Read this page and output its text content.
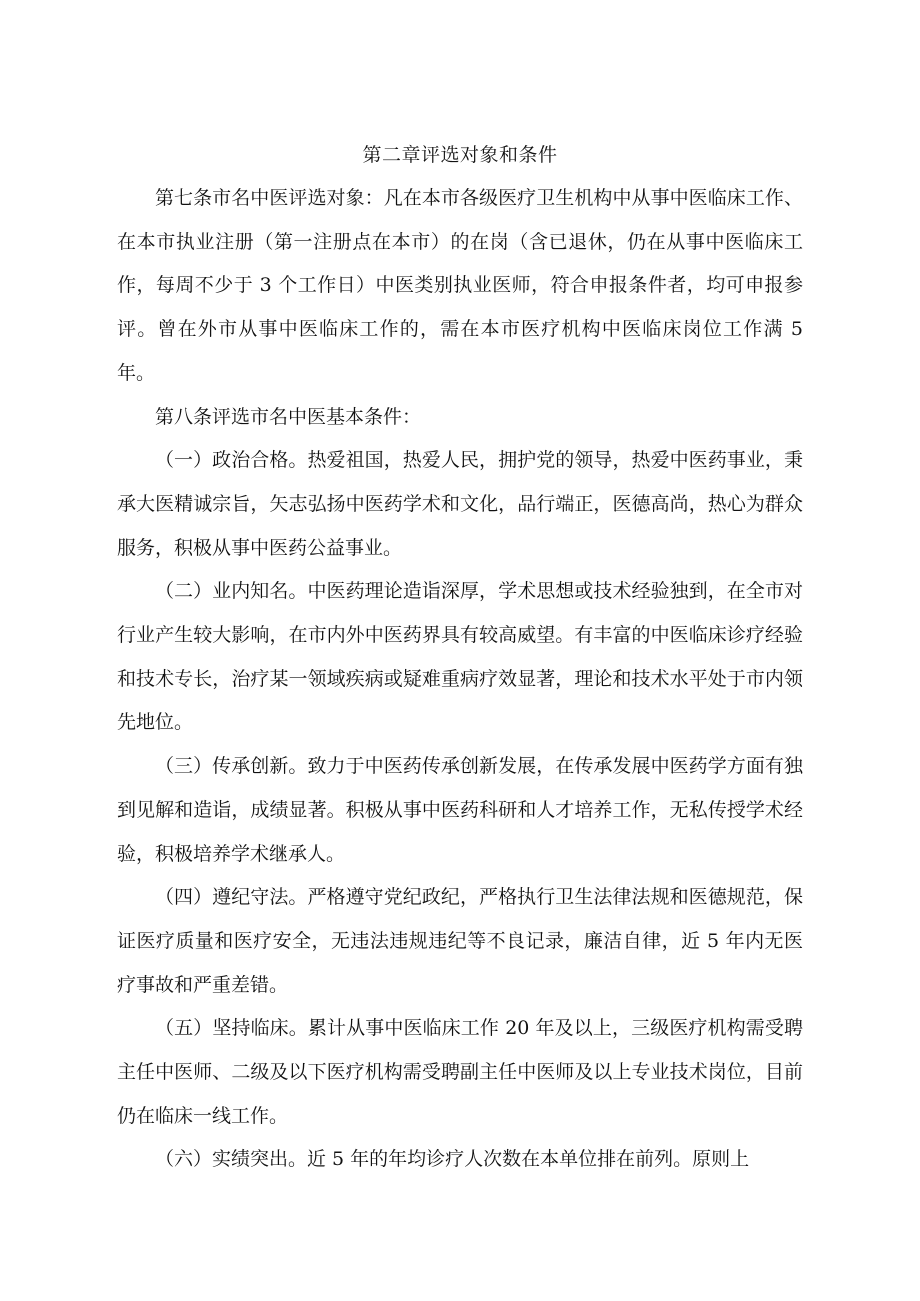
第二章评选对象和条件

第七条市名中医评选对象：凡在本市各级医疗卫生机构中从事中医临床工作、在本市执业注册（第一注册点在本市）的在岗（含已退休，仍在从事中医临床工作，每周不少于 3 个工作日）中医类别执业医师，符合申报条件者，均可申报参评。曾在外市从事中医临床工作的，需在本市医疗机构中医临床岗位工作满 5 年。

第八条评选市名中医基本条件：

（一）政治合格。热爱祖国，热爱人民，拥护党的领导，热爱中医药事业，秉承大医精诚宗旨，矢志弘扬中医药学术和文化，品行端正，医德高尚，热心为群众服务，积极从事中医药公益事业。

（二）业内知名。中医药理论造诣深厚，学术思想或技术经验独到，在全市对行业产生较大影响，在市内外中医药界具有较高威望。有丰富的中医临床诊疗经验和技术专长，治疗某一领域疾病或疑难重病疗效显著，理论和技术水平处于市内领先地位。

（三）传承创新。致力于中医药传承创新发展，在传承发展中医药学方面有独到见解和造诣，成绩显著。积极从事中医药科研和人才培养工作，无私传授学术经验，积极培养学术继承人。

（四）遵纪守法。严格遵守党纪政纪，严格执行卫生法律法规和医德规范，保证医疗质量和医疗安全，无违法违规违纪等不良记录，廉洁自律，近 5 年内无医疗事故和严重差错。

（五）坚持临床。累计从事中医临床工作 20 年及以上，三级医疗机构需受聘主任中医师、二级及以下医疗机构需受聘副主任中医师及以上专业技术岗位，目前仍在临床一线工作。

（六）实绩突出。近 5 年的年均诊疗人次数在本单位排在前列。原则上
